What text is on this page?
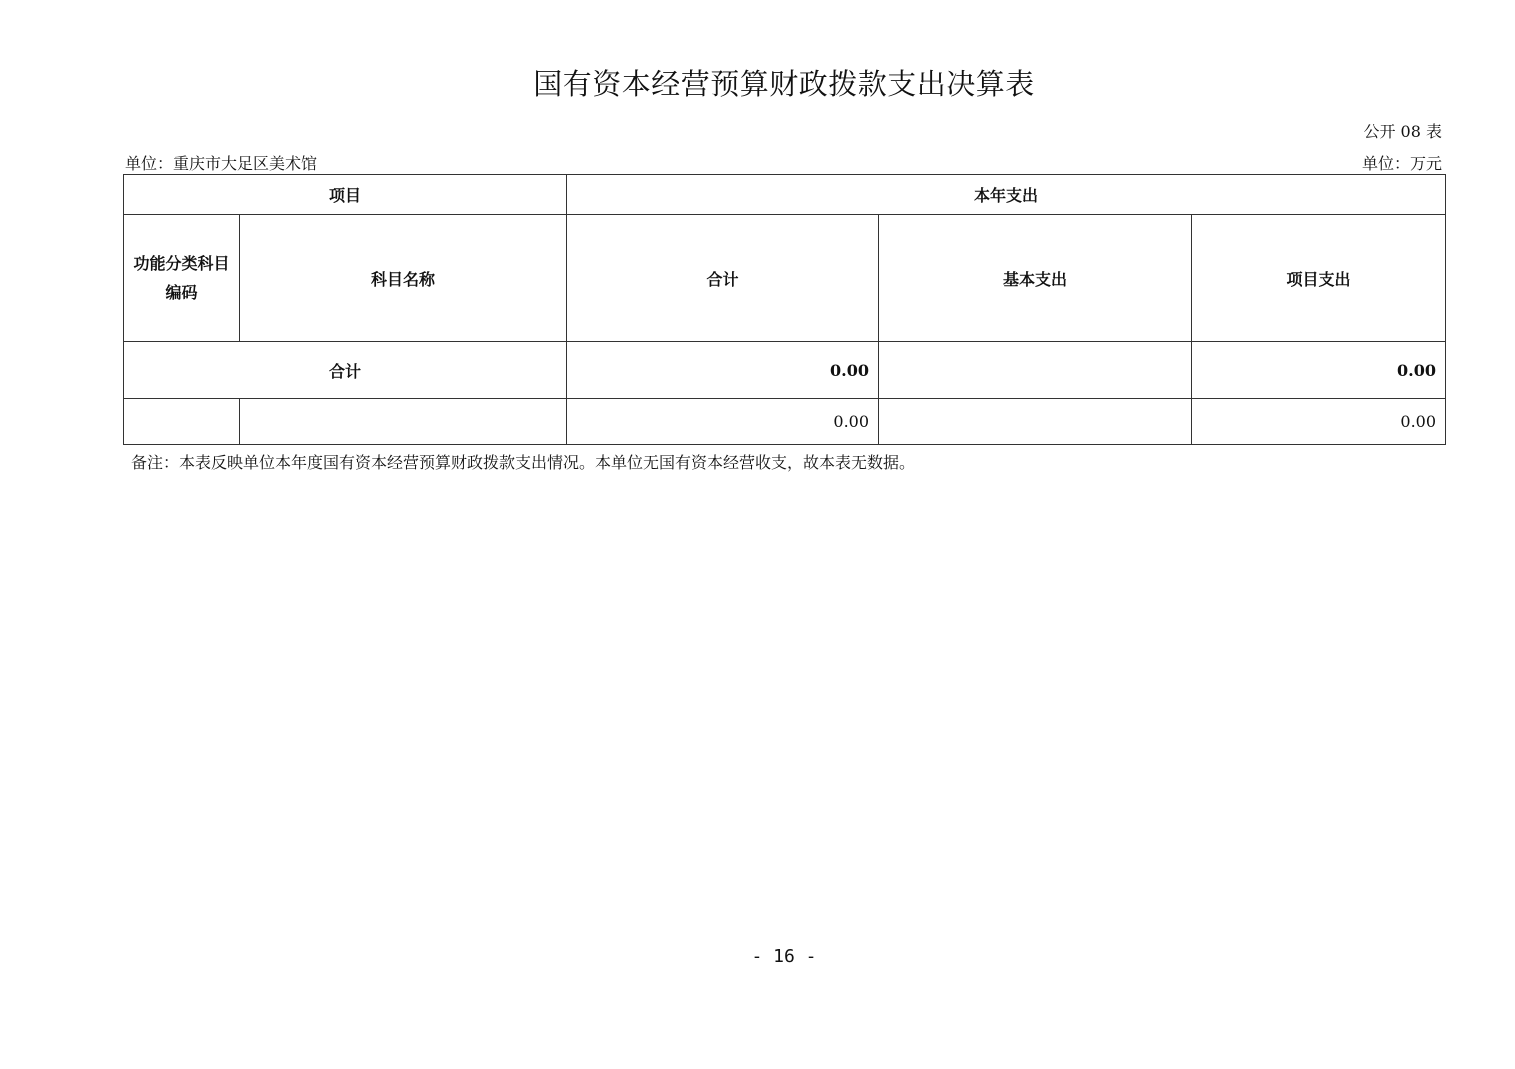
国有资本经营预算财政拨款支出决算表
公开 08 表
单位：重庆市大足区美术馆	单位：万元
项目		本年支出		
功能分类科目编码	科目名称	合计	基本支出	项目支出
合计		0.00		0.00
		0.00		0.00
备注：本表反映单位本年度国有资本经营预算财政拨款支出情况。本单位无国有资本经营收支，故本表无数据。
- 16 -
